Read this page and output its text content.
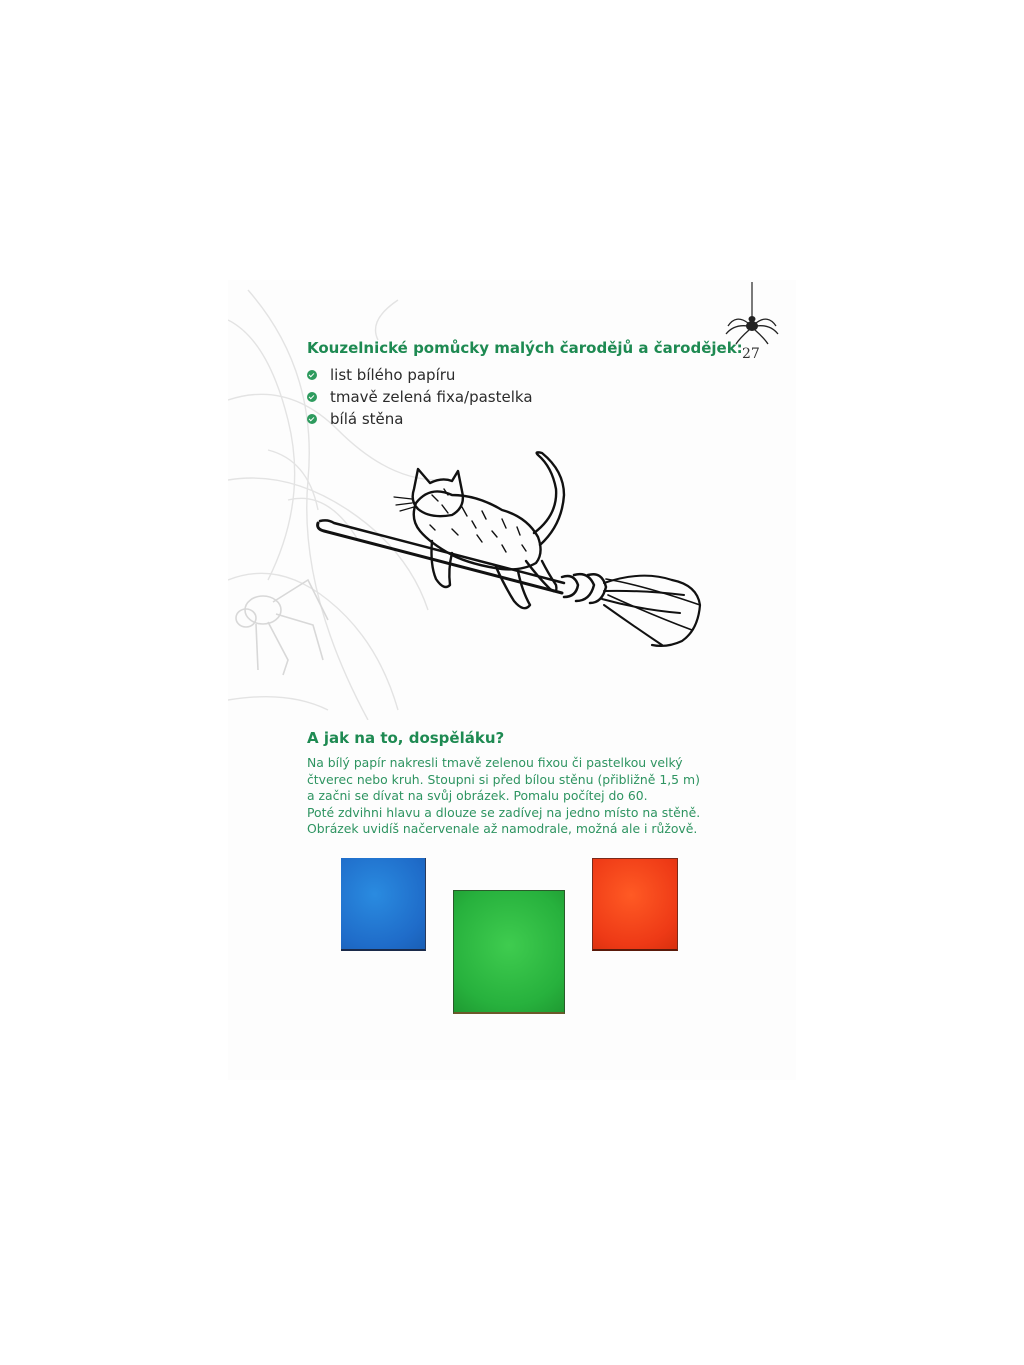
27
Kouzelnické pomůcky malých čarodějů a čarodějek:
list bílého papíru
tmavě zelená fixa/pastelka
bílá stěna
A jak na to, dospěláku?

Na bílý papír nakresli tmavě zelenou fixou či pastelkou velký
čtverec nebo kruh. Stoupni si před bílou stěnu (přibližně 1,5 m)
a začni se dívat na svůj obrázek. Pomalu počítej do 60.
Poté zdvihni hlavu a dlouze se zadívej na jedno místo na stěně.
Obrázek uvidíš načervenale až namodrale, možná ale i růžově.
